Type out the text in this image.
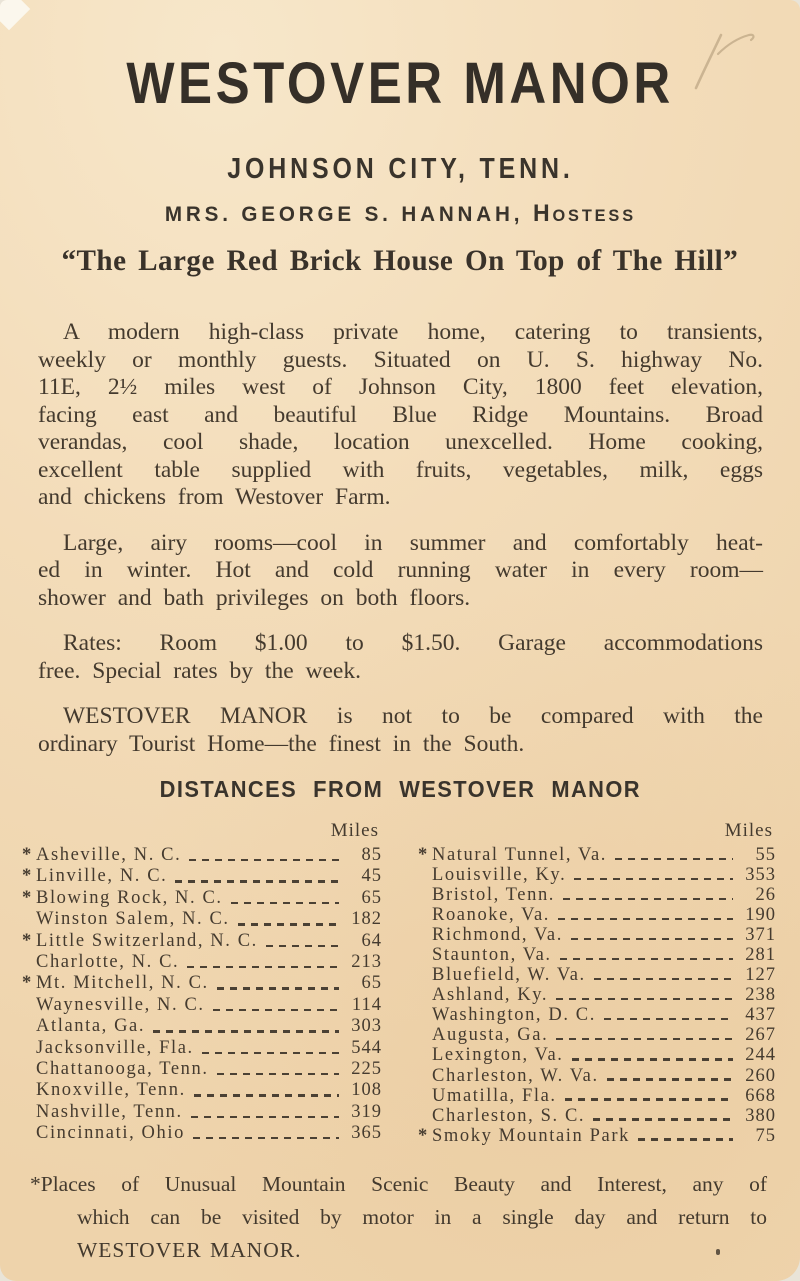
WESTOVER MANOR
JOHNSON CITY, TENN.
MRS. GEORGE S. HANNAH, Hostess
“The Large Red Brick House On Top of The Hill”
A modern high-class private home, catering to transients,
weekly or monthly guests. Situated on U. S. highway No.
11E, 2½ miles west of Johnson City, 1800 feet elevation,
facing east and beautiful Blue Ridge Mountains. Broad
verandas, cool shade, location unexcelled. Home cooking,
excellent table supplied with fruits, vegetables, milk, eggs
and chickens from Westover Farm.
Large, airy rooms—cool in summer and comfortably heat-
ed in winter. Hot and cold running water in every room—
shower and bath privileges on both floors.
Rates: Room $1.00 to $1.50. Garage accommodations
free. Special rates by the week.
WESTOVER MANOR is not to be compared with the
ordinary Tourist Home—the finest in the South.
DISTANCES FROM WESTOVER MANOR
Miles
* Asheville, N. C.	85
* Linville, N. C.	45
* Blowing Rock, N. C.	65
Winston Salem, N. C.	182
* Little Switzerland, N. C.	64
Charlotte, N. C.	213
* Mt. Mitchell, N. C.	65
Waynesville, N. C.	114
Atlanta, Ga.	303
Jacksonville, Fla.	544
Chattanooga, Tenn.	225
Knoxville, Tenn.	108
Nashville, Tenn.	319
Cincinnati, Ohio	365
Miles
* Natural Tunnel, Va.	55
Louisville, Ky.	353
Bristol, Tenn.	26
Roanoke, Va.	190
Richmond, Va.	371
Staunton, Va.	281
Bluefield, W. Va.	127
Ashland, Ky.	238
Washington, D. C.	437
Augusta, Ga.	267
Lexington, Va.	244
Charleston, W. Va.	260
Umatilla, Fla.	668
Charleston, S. C.	380
* Smoky Mountain Park	75
*Places of Unusual Mountain Scenic Beauty and Interest, any of
which can be visited by motor in a single day and return to
WESTOVER MANOR.
